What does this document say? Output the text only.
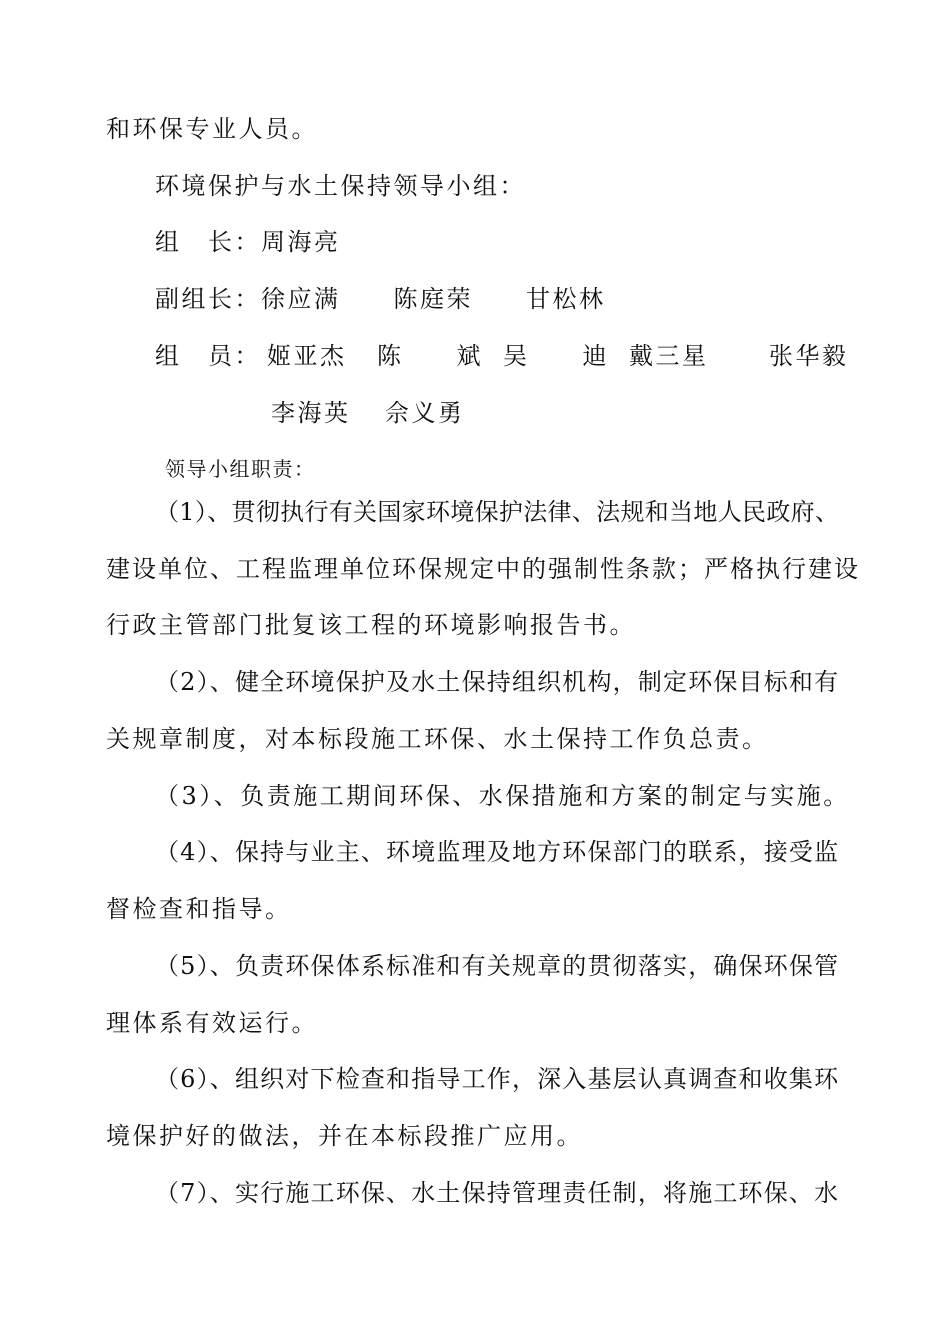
和环保专业人员。
环境保护与水土保持领导小组：
组　长：周海亮
副组长：徐应满　　陈庭荣　　甘松林
组　员： 姬亚杰 陈　　斌 吴　　迪 戴三星	张华毅
李海英 佘义勇
领导小组职责：
（1）、贯彻执行有关国家环境保护法律、法规和当地人民政府、
建设单位、工程监理单位环保规定中的强制性条款；严格执行建设
行政主管部门批复该工程的环境影响报告书。
（2）、健全环境保护及水土保持组织机构，制定环保目标和有
关规章制度，对本标段施工环保、水土保持工作负总责。
（3）、负责施工期间环保、水保措施和方案的制定与实施。
（4）、保持与业主、环境监理及地方环保部门的联系，接受监
督检查和指导。
（5）、负责环保体系标准和有关规章的贯彻落实，确保环保管
理体系有效运行。
（6）、组织对下检查和指导工作，深入基层认真调查和收集环
境保护好的做法，并在本标段推广应用。
（7）、实行施工环保、水土保持管理责任制，将施工环保、水
